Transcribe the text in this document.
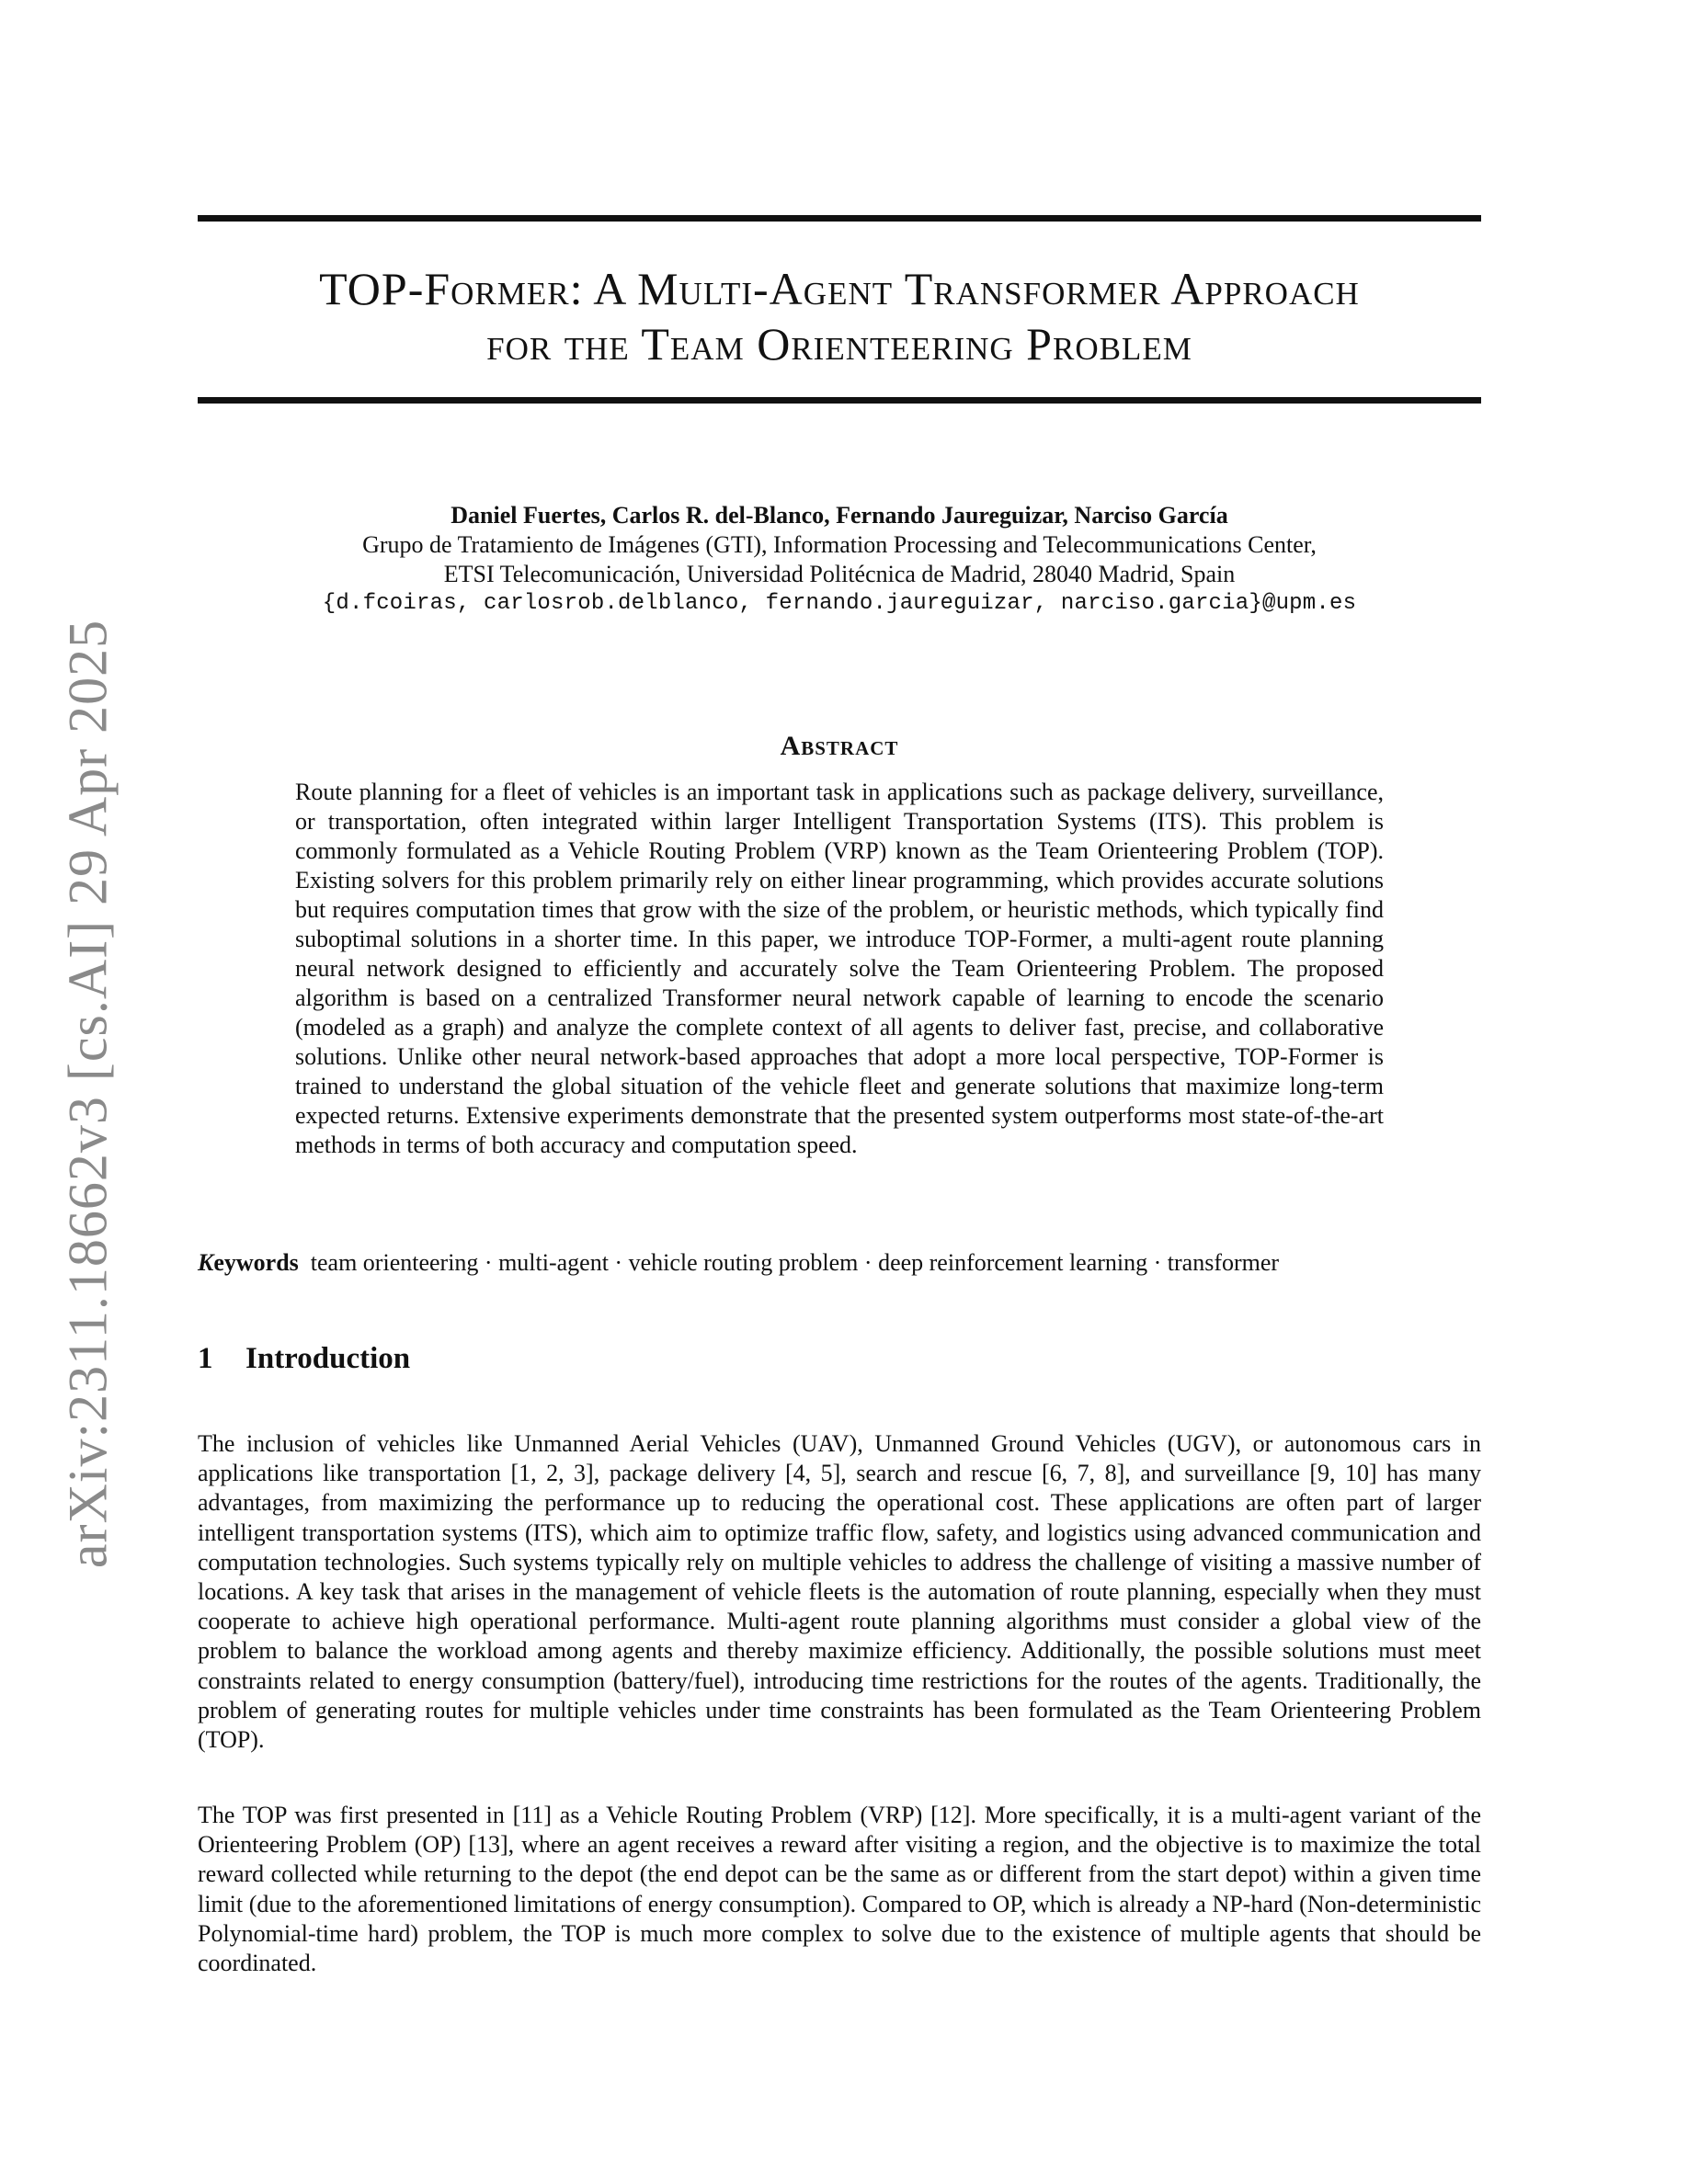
arXiv:2311.18662v3 [cs.AI] 29 Apr 2025
TOP-Former: A Multi-Agent Transformer Approach
for the Team Orienteering Problem
Daniel Fuertes, Carlos R. del-Blanco, Fernando Jaureguizar, Narciso García
Grupo de Tratamiento de Imágenes (GTI), Information Processing and Telecommunications Center,
ETSI Telecomunicación, Universidad Politécnica de Madrid, 28040 Madrid, Spain
{d.fcoiras, carlosrob.delblanco, fernando.jaureguizar, narciso.garcia}@upm.es
Abstract

Route planning for a fleet of vehicles is an important task in applications such as package delivery, surveillance, or transportation, often integrated within larger Intelligent Transportation Systems (ITS). This problem is commonly formulated as a Vehicle Routing Problem (VRP) known as the Team Orienteering Problem (TOP). Existing solvers for this problem primarily rely on either linear programming, which provides accurate solutions but requires computation times that grow with the size of the problem, or heuristic methods, which typically find suboptimal solutions in a shorter time. In this paper, we introduce TOP-Former, a multi-agent route planning neural network designed to efficiently and accurately solve the Team Orienteering Problem. The proposed algorithm is based on a centralized Transformer neural network capable of learning to encode the scenario (modeled as a graph) and analyze the complete context of all agents to deliver fast, precise, and collaborative solutions. Unlike other neural network-based approaches that adopt a more local perspective, TOP-Former is trained to understand the global situation of the vehicle fleet and generate solutions that maximize long-term expected returns. Extensive experiments demonstrate that the presented system outperforms most state-of-the-art methods in terms of both accuracy and computation speed.

Keywords team orienteering · multi-agent · vehicle routing problem · deep reinforcement learning · transformer

1 Introduction

The inclusion of vehicles like Unmanned Aerial Vehicles (UAV), Unmanned Ground Vehicles (UGV), or autonomous cars in applications like transportation [1, 2, 3], package delivery [4, 5], search and rescue [6, 7, 8], and surveillance [9, 10] has many advantages, from maximizing the performance up to reducing the operational cost. These applications are often part of larger intelligent transportation systems (ITS), which aim to optimize traffic flow, safety, and logistics using advanced communication and computation technologies. Such systems typically rely on multiple vehicles to address the challenge of visiting a massive number of locations. A key task that arises in the management of vehicle fleets is the automation of route planning, especially when they must cooperate to achieve high operational performance. Multi-agent route planning algorithms must consider a global view of the problem to balance the workload among agents and thereby maximize efficiency. Additionally, the possible solutions must meet constraints related to energy consumption (battery/fuel), introducing time restrictions for the routes of the agents. Traditionally, the problem of generating routes for multiple vehicles under time constraints has been formulated as the Team Orienteering Problem (TOP).

The TOP was first presented in [11] as a Vehicle Routing Problem (VRP) [12]. More specifically, it is a multi-agent variant of the Orienteering Problem (OP) [13], where an agent receives a reward after visiting a region, and the objective is to maximize the total reward collected while returning to the depot (the end depot can be the same as or different from the start depot) within a given time limit (due to the aforementioned limitations of energy consumption). Compared to OP, which is already a NP-hard (Non-deterministic Polynomial-time hard) problem, the TOP is much more complex to solve due to the existence of multiple agents that should be coordinated.
